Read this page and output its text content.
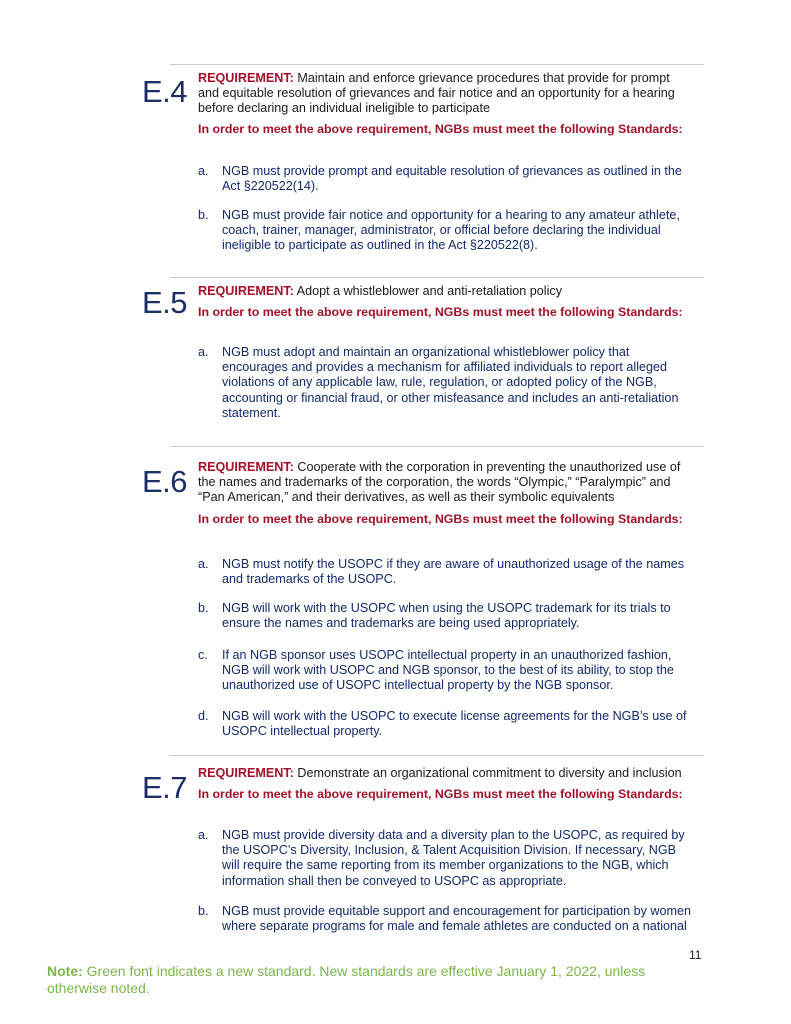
E.4 REQUIREMENT: Maintain and enforce grievance procedures that provide for prompt
and equitable resolution of grievances and fair notice and an opportunity for a hearing
before declaring an individual ineligible to participate
In order to meet the above requirement, NGBs must meet the following Standards:
a.	NGB must provide prompt and equitable resolution of grievances as outlined in the
Act §220522(14).
b.	NGB must provide fair notice and opportunity for a hearing to any amateur athlete,
coach, trainer, manager, administrator, or official before declaring the individual
ineligible to participate as outlined in the Act §220522(8).
E.5 REQUIREMENT: Adopt a whistleblower and anti-retaliation policy
In order to meet the above requirement, NGBs must meet the following Standards:
a.	NGB must adopt and maintain an organizational whistleblower policy that
encourages and provides a mechanism for affiliated individuals to report alleged
violations of any applicable law, rule, regulation, or adopted policy of the NGB,
accounting or financial fraud, or other misfeasance and includes an anti-retaliation
statement.
E.6 REQUIREMENT: Cooperate with the corporation in preventing the unauthorized use of
the names and trademarks of the corporation, the words “Olympic,” “Paralympic” and
“Pan American,” and their derivatives, as well as their symbolic equivalents
In order to meet the above requirement, NGBs must meet the following Standards:
a.	NGB must notify the USOPC if they are aware of unauthorized usage of the names
and trademarks of the USOPC.
b.	NGB will work with the USOPC when using the USOPC trademark for its trials to
ensure the names and trademarks are being used appropriately.
c.	If an NGB sponsor uses USOPC intellectual property in an unauthorized fashion,
NGB will work with USOPC and NGB sponsor, to the best of its ability, to stop the
unauthorized use of USOPC intellectual property by the NGB sponsor.
d.	NGB will work with the USOPC to execute license agreements for the NGB’s use of
USOPC intellectual property.
E.7 REQUIREMENT: Demonstrate an organizational commitment to diversity and inclusion
In order to meet the above requirement, NGBs must meet the following Standards:
a.	NGB must provide diversity data and a diversity plan to the USOPC, as required by
the USOPC’s Diversity, Inclusion, & Talent Acquisition Division. If necessary, NGB
will require the same reporting from its member organizations to the NGB, which
information shall then be conveyed to USOPC as appropriate.
b.	NGB must provide equitable support and encouragement for participation by women
where separate programs for male and female athletes are conducted on a national
11
Note: Green font indicates a new standard. New standards are effective January 1, 2022, unless otherwise noted.
